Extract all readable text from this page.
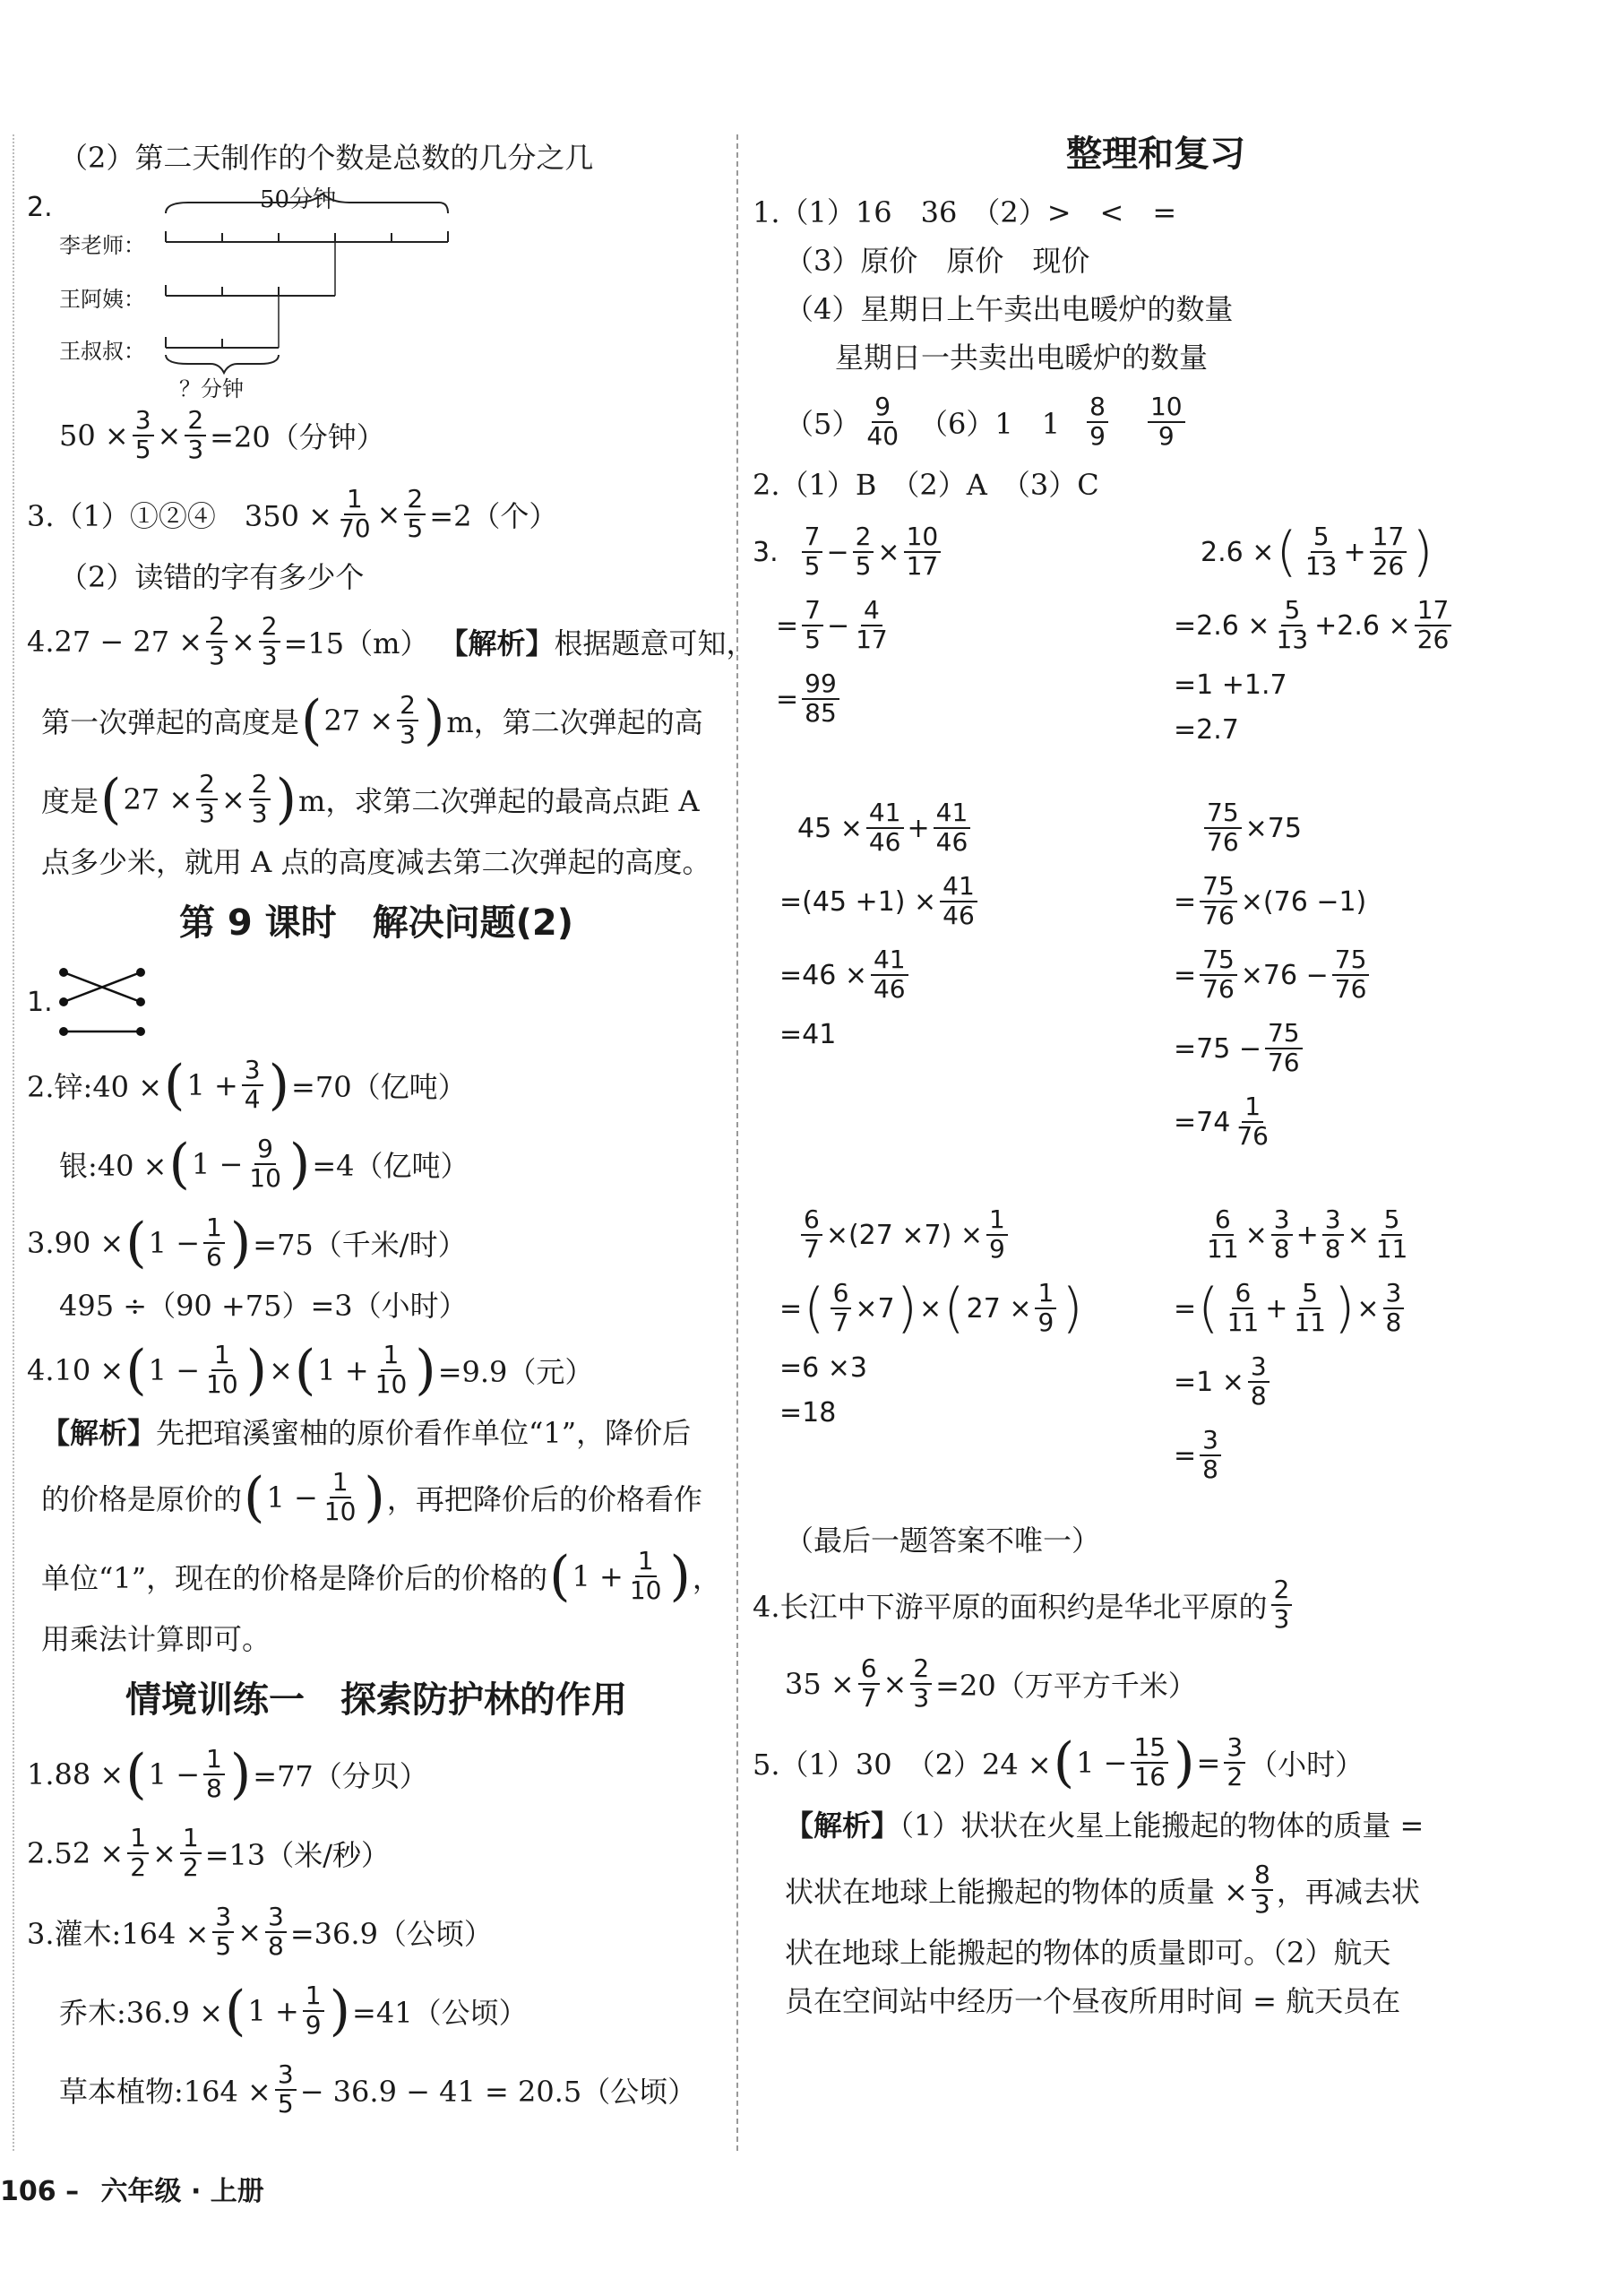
（2）第二天制作的个数是总数的几分之几
2.	50分钟
李老师：
王阿姨：
王叔叔：
？分钟
$50 \times \frac{3}{5} \times \frac{2}{3} =20$（分钟）
3.（1）①②④　$350 \times \frac{1}{70} \times \frac{2}{5} =2$（个）
（2）读错的字有多少个
$4.27 - 27 \times \frac{2}{3} \times \frac{2}{3} =15(m)$ 【解析】 根据题意可知，
第一次弹起的高度是 ( $27 \times \frac{2}{3}$ ) m，第二次弹起的高
度是 ( $27 \times \frac{2}{3} \times \frac{2}{3}$ ) m，求第二次弹起的最高点距 A
点多少米，就用 A 点的高度减去第二次弹起的高度。
第 9 课时　解决问题(2)
1.
2.锌:40 × ( $1 + \frac{3}{4}$ ) =70（亿吨）
银:40 × ( $1 - \frac{9}{10}$ ) =4（亿吨）
3.90 × ( $1 - \frac{1}{6}$ ) =75（千米/时）
495 ÷（90 +75）=3（小时）
4.10 × ( $1 - \frac{1}{10}$ ) × ( $1 + \frac{1}{10}$ ) =9.9（元）
【解析】先把琯溪蜜柚的原价看作单位“1”，降价后
的价格是原价的 ( $1 - \frac{1}{10}$ ) ，再把降价后的价格看作
单位“1”，现在的价格是降价后的价格的 ( $1 + \frac{1}{10}$ ) ，
用乘法计算即可。
情境训练一　探索防护林的作用
1.88 × ( $1 - \frac{1}{8}$ ) =77（分贝）
$2.52 \times \frac{1}{2} \times \frac{1}{2} =13$（米/秒）
3.灌木:164 × $\frac{3}{5} \times \frac{3}{8} =36.9$（公顷）
乔木:36.9 × ( $1 + \frac{1}{9}$ ) =41（公顷）
草本植物:164 × $\frac{3}{5} - 36.9 - 41 = 20.5$（公顷）
整理和复习
1.（1）16　36　（2）>　<　=
（3）原价　原价　现价
（4）星期日上午卖出电暖炉的数量
星期日一共卖出电暖炉的数量
$(5) \frac{9}{40} (6)1$　$1 \frac{8}{9} \frac{10}{9}$
2.（1）B　（2）A　（3）C
3. $\frac{7}{5} - \frac{2}{5} \times \frac{10}{17}$
= $\frac{7}{5} - \frac{4}{17}$
= $\frac{99}{85}$
2.6 × ( $\frac{5}{13} + \frac{17}{26}$ )
$=2.6 \times \frac{5}{13} +2.6 \times \frac{17}{26}$
=1 +1.7
=2.7
$45 \times \frac{41}{46} + \frac{41}{46}$
$=(45 +1) \times \frac{41}{46}$
$=46 \times \frac{41}{46}$
=41
$\frac{75}{76} \times 75$
= $\frac{75}{76} \times(76 -1)$
= $\frac{75}{76} \times 76 - \frac{75}{76}$
$=75 - \frac{75}{76}$
$=74 \frac{1}{76}$
$\frac{6}{7} \times(27 \times 7) \times \frac{1}{9}$
= ( $\frac{6}{7} \times 7$ ) × ( $27 \times \frac{1}{9}$ )
=6 ×3
=18
$\frac{6}{11} \times \frac{3}{8} + \frac{3}{8} \times \frac{5}{11}$
= ( $\frac{6}{11} + \frac{5}{11}$ ) × $\frac{3}{8}$
$=1 \times \frac{3}{8}$
= $\frac{3}{8}$
（最后一题答案不唯一）
4.长江中下游平原的面积约是华北平原的 $\frac{2}{3}$
$35 \times \frac{6}{7} \times \frac{2}{3} =20$（万平方千米）
5.（1）30　（2）24 × ( $1 - \frac{15}{16}$ ) = $\frac{3}{2}$ （小时）
【解析】（1）状状在火星上能搬起的物体的质量 =
状状在地球上能搬起的物体的质量 × $\frac{8}{3}$ ，再减去状
状在地球上能搬起的物体的质量即可。（2）航天
员在空间站中经历一个昼夜所用时间 = 航天员在
106 – 六年级 · 上册
